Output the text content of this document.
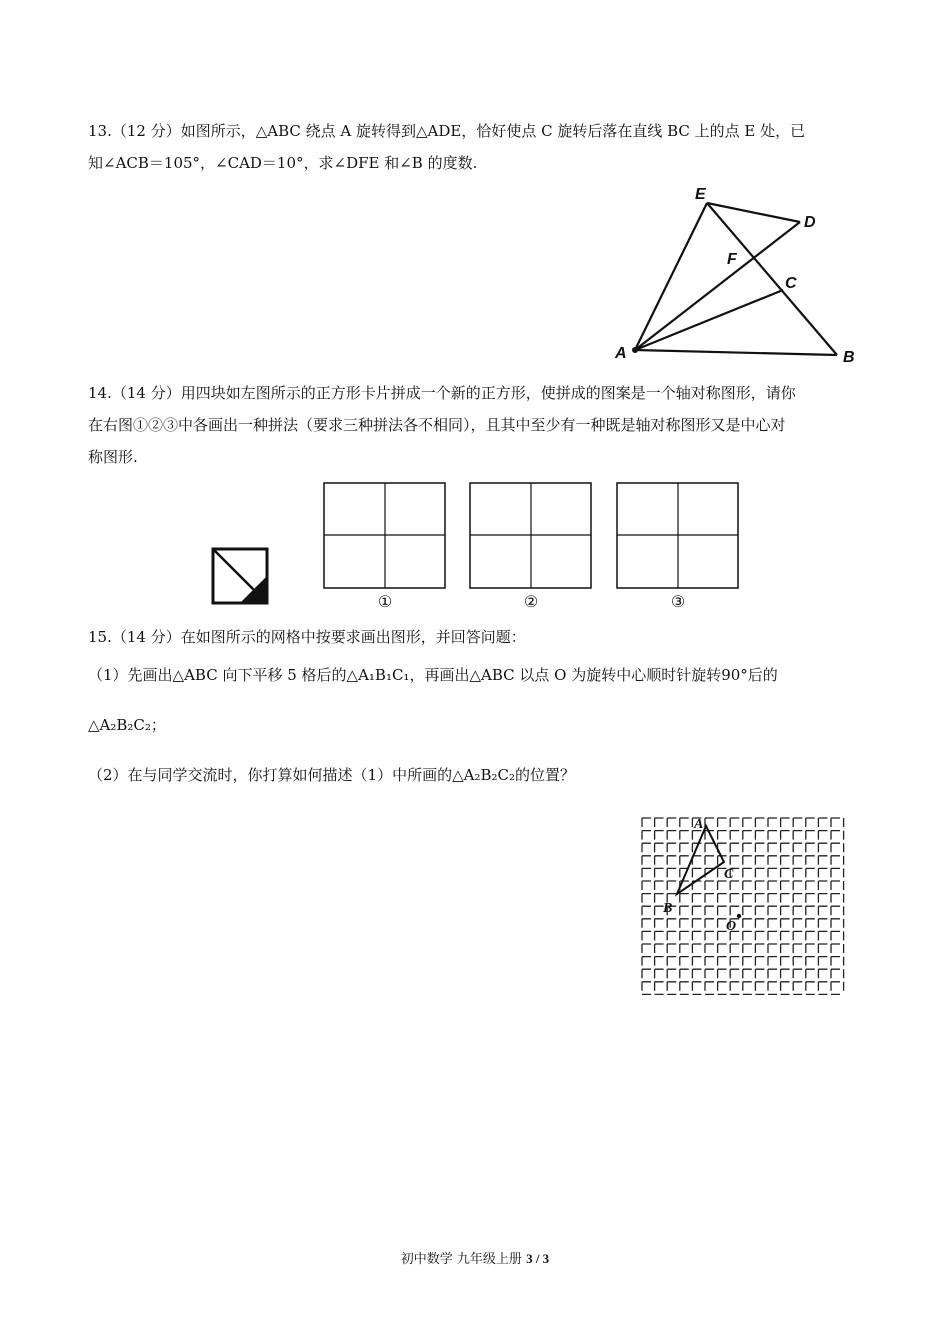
13.（12 分）如图所示，△ABC 绕点 A 旋转得到△ADE，恰好使点 C 旋转后落在直线 BC 上的点 E 处，已
知∠ACB＝105°，∠CAD＝10°，求∠DFE 和∠B 的度数.
E
D
F
C
A	B
14.（14 分）用四块如左图所示的正方形卡片拼成一个新的正方形，使拼成的图案是一个轴对称图形，请你
在右图①②③中各画出一种拼法（要求三种拼法各不相同），且其中至少有一种既是轴对称图形又是中心对
称图形.
①	②	③
15.（14 分）在如图所示的网格中按要求画出图形，并回答问题：
（1）先画出△ABC 向下平移 5 格后的△A₁B₁C₁，再画出△ABC 以点 O 为旋转中心顺时针旋转90°后的
△A₂B₂C₂；
（2）在与同学交流时，你打算如何描述（1）中所画的△A₂B₂C₂的位置？
A
B
C
O
初中数学 九年级上册 3 / 3
